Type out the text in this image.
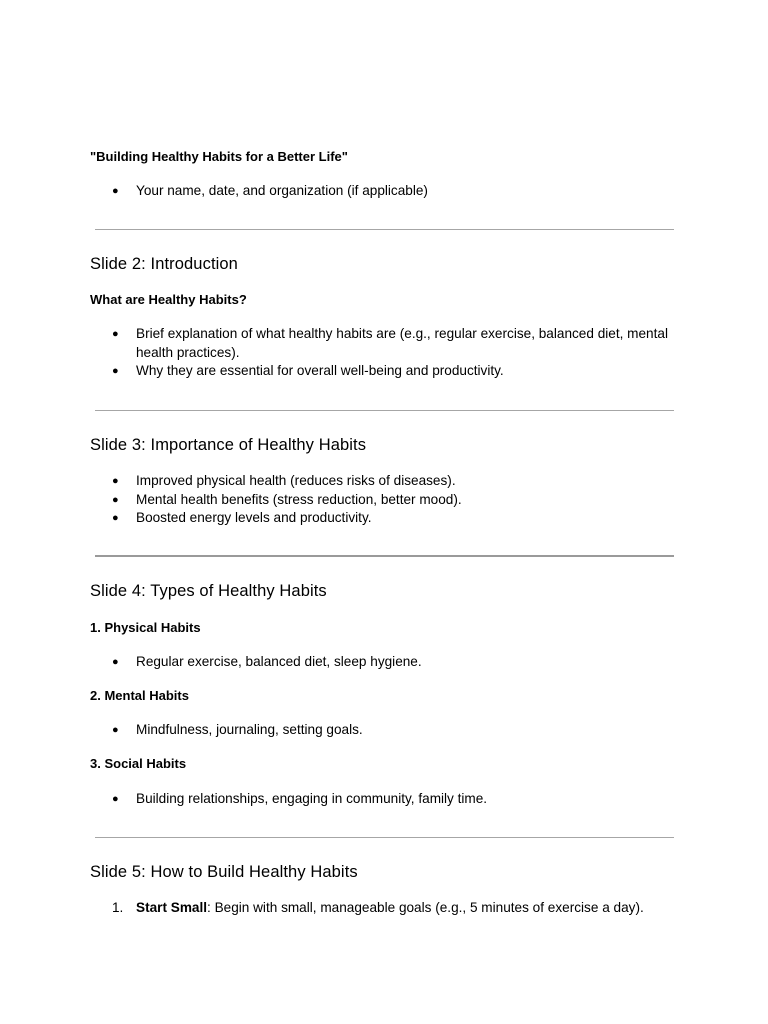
"Building Healthy Habits for a Better Life"
●	Your name, date, and organization (if applicable)
Slide 2: Introduction
What are Healthy Habits?
●	Brief explanation of what healthy habits are (e.g., regular exercise, balanced diet, mental health practices).
●	Why they are essential for overall well-being and productivity.
Slide 3: Importance of Healthy Habits
●	Improved physical health (reduces risks of diseases).
●	Mental health benefits (stress reduction, better mood).
●	Boosted energy levels and productivity.
Slide 4: Types of Healthy Habits
1. Physical Habits
●	Regular exercise, balanced diet, sleep hygiene.
2. Mental Habits
●	Mindfulness, journaling, setting goals.
3. Social Habits
●	Building relationships, engaging in community, family time.
Slide 5: How to Build Healthy Habits
1. Start Small: Begin with small, manageable goals (e.g., 5 minutes of exercise a day).
